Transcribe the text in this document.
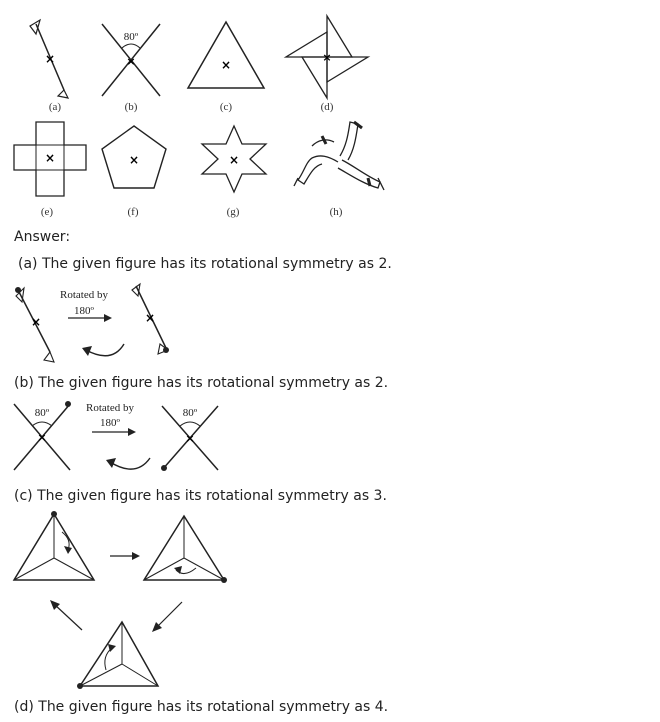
×
(a)
80º
×
(b)
×
(c)
×
(d)
×
(e)
×
(f)
×
(g)	(h)
Answer:
(a) The given figure has its rotational symmetry as 2.
×
Rotated by
180º	×
(b) The given figure has its rotational symmetry as 2.
80º
×
Rotated by
180º
80º
×
(c) The given figure has its rotational symmetry as 3.
(d) The given figure has its rotational symmetry as 4.
